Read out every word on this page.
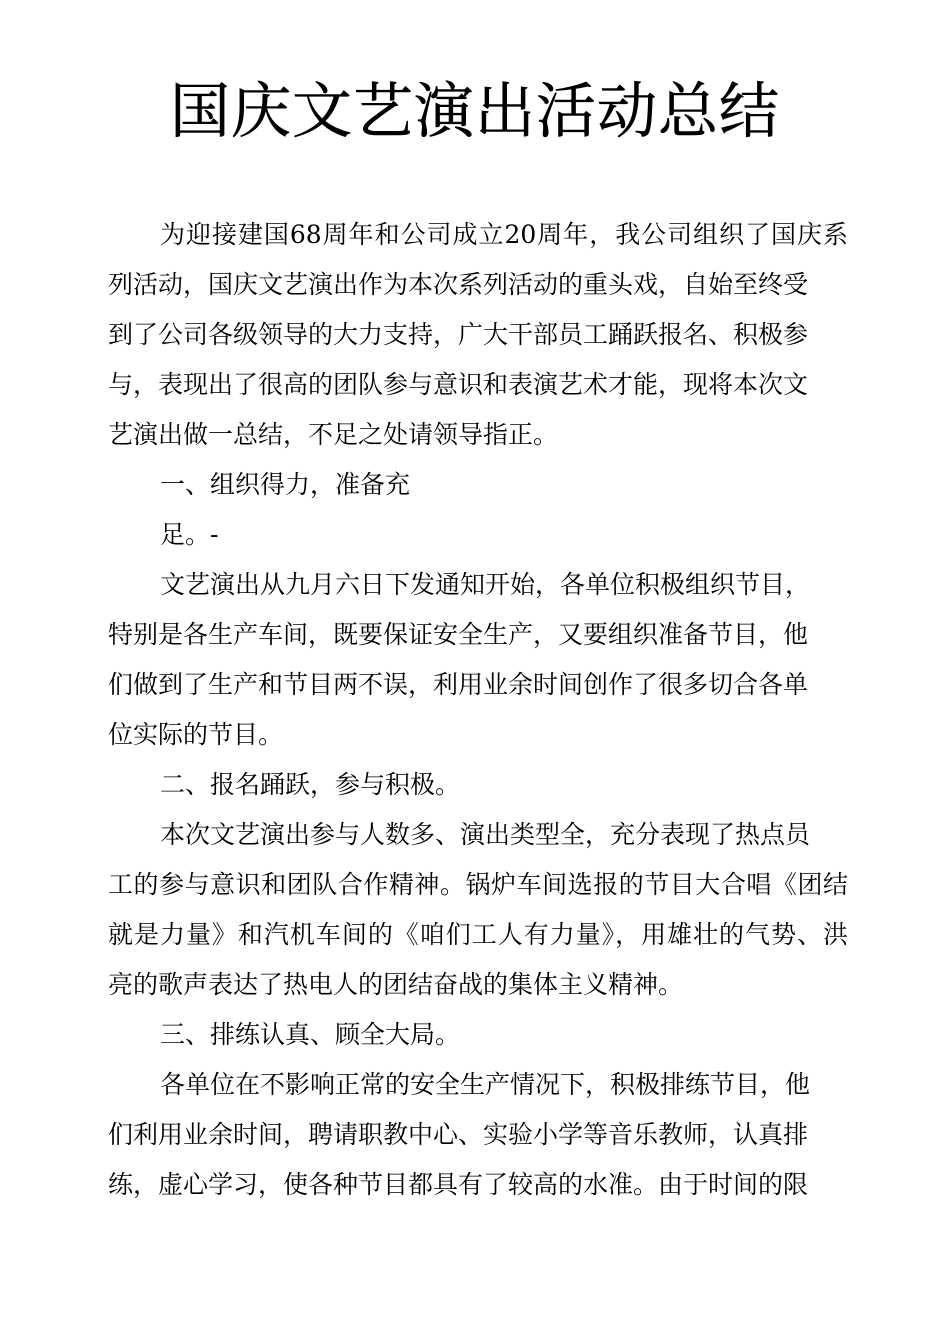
国庆文艺演出活动总结
为迎接建国68周年和公司成立20周年，我公司组织了国庆系
列活动，国庆文艺演出作为本次系列活动的重头戏，自始至终受
到了公司各级领导的大力支持，广大干部员工踊跃报名、积极参
与，表现出了很高的团队参与意识和表演艺术才能，现将本次文
艺演出做一总结，不足之处请领导指正。
一、组织得力，准备充
足。-
文艺演出从九月六日下发通知开始，各单位积极组织节目，
特别是各生产车间，既要保证安全生产，又要组织准备节目，他
们做到了生产和节目两不误，利用业余时间创作了很多切合各单
位实际的节目。
二、报名踊跃，参与积极。
本次文艺演出参与人数多、演出类型全，充分表现了热点员
工的参与意识和团队合作精神。锅炉车间选报的节目大合唱《团结
就是力量》和汽机车间的《咱们工人有力量》，用雄壮的气势、洪
亮的歌声表达了热电人的团结奋战的集体主义精神。
三、排练认真、顾全大局。
各单位在不影响正常的安全生产情况下，积极排练节目，他
们利用业余时间，聘请职教中心、实验小学等音乐教师，认真排
练，虚心学习，使各种节目都具有了较高的水准。由于时间的限
